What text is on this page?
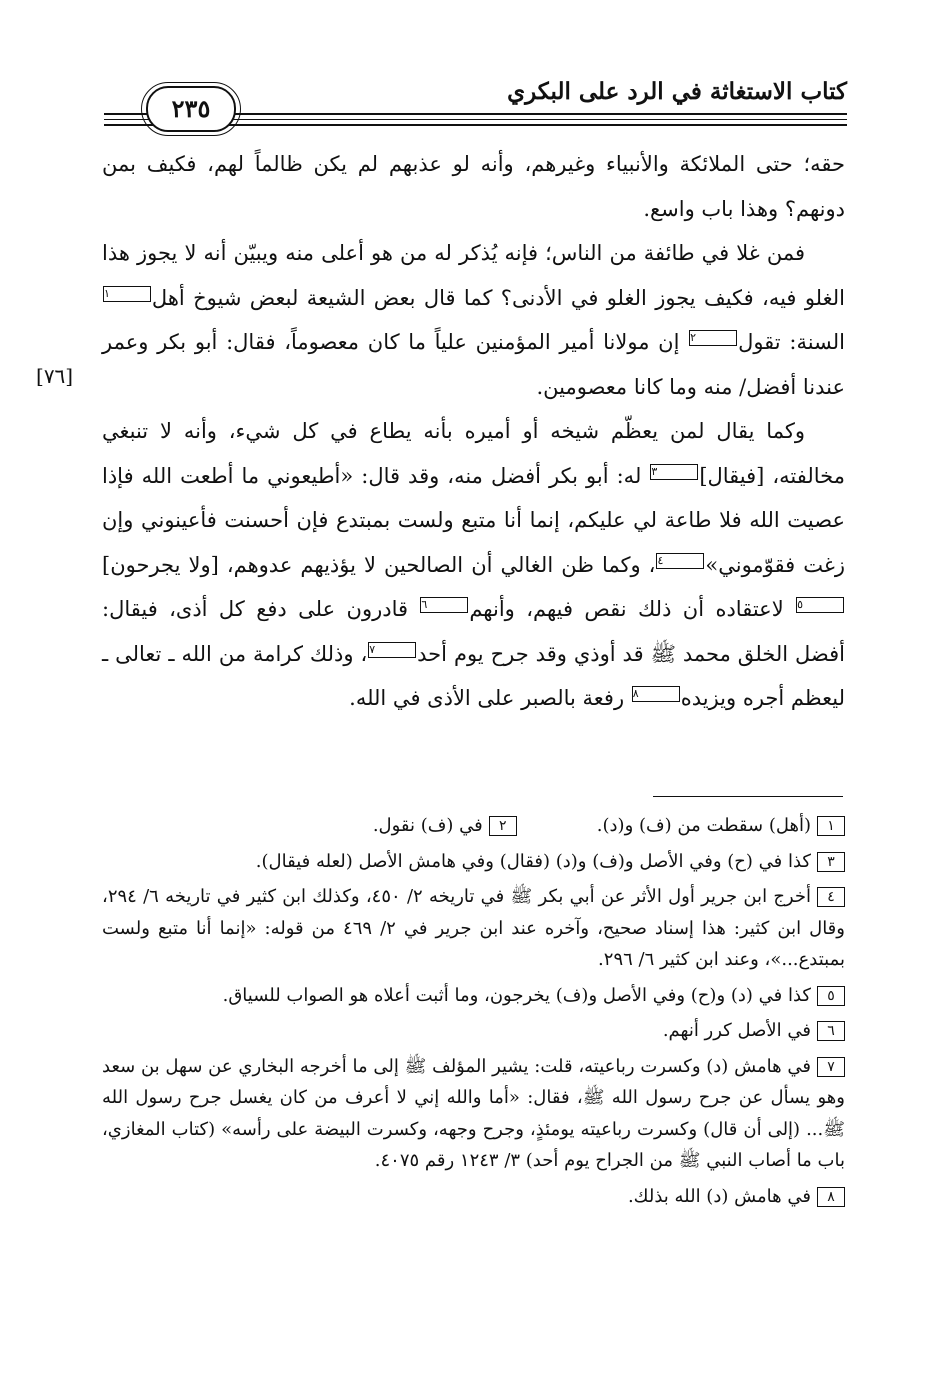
كتاب الاستغاثة في الرد على البكري
٢٣٥
[٧٦]

حقه؛ حتى الملائكة والأنبياء وغيرهم، وأنه لو عذبهم لم يكن ظالماً لهم، فكيف بمن دونهم؟ وهذا باب واسع.

فمن غلا في طائفة من الناس؛ فإنه يُذكر له من هو أعلى منه ويبيّن أنه لا يجوز هذا الغلو فيه، فكيف يجوز الغلو في الأدنى؟ كما قال بعض الشيعة لبعض شيوخ أهل١ السنة: تقول٢ إن مولانا أمير المؤمنين علياً ما كان معصوماً، فقال: أبو بكر وعمر عندنا أفضل/ منه وما كانا معصومين.

وكما يقال لمن يعظّم شيخه أو أميره بأنه يطاع في كل شيء، وأنه لا تنبغي مخالفته، [فيقال]٣ له: أبو بكر أفضل منه، وقد قال: «أطيعوني ما أطعت الله فإذا عصيت الله فلا طاعة لي عليكم، إنما أنا متبع ولست بمبتدع فإن أحسنت فأعينوني وإن زغت فقوّموني»٤، وكما ظن الغالي أن الصالحين لا يؤذيهم عدوهم، [ولا يجرحون]٥ لاعتقاده أن ذلك نقص فيهم، وأنهم٦ قادرون على دفع كل أذى، فيقال: أفضل الخلق محمد ﷺ قد أوذي وقد جرح يوم أحد٧، وذلك كرامة من الله ـ تعالى ـ ليعظم أجره ويزيده٨ رفعة بالصبر على الأذى في الله.

١(أهل) سقطت من (ف) و(د).
٢في (ف) نقول.
٣كذا في (ح) وفي الأصل و(ف) و(د) (فقال) وفي هامش الأصل (لعله فيقال).
٤أخرج ابن جرير أول الأثر عن أبي بكر ﷺ في تاريخه ٢/ ٤٥٠، وكذلك ابن كثير في تاريخه ٦/ ٢٩٤، وقال ابن كثير: هذا إسناد صحيح، وآخره عند ابن جرير في ٢/ ٤٦٩ من قوله: «إنما أنا متبع ولست بمبتدع...»، وعند ابن كثير ٦/ ٢٩٦.
٥كذا في (د) و(ح) وفي الأصل و(ف) يخرجون، وما أثبت أعلاه هو الصواب للسياق.
٦في الأصل كرر أنهم.
٧في هامش (د) وكسرت رباعيته، قلت: يشير المؤلف ﷺ إلى ما أخرجه البخاري عن سهل بن سعد وهو يسأل عن جرح رسول الله ﷺ، فقال: «أما والله إني لا أعرف من كان يغسل جرح رسول الله ﷺ... (إلى أن قال) وكسرت رباعيته يومئذٍ، وجرح وجهه، وكسرت البيضة على رأسه» (كتاب المغازي، باب ما أصاب النبي ﷺ من الجراح يوم أحد) ٣/ ١٢٤٣ رقم ٤٠٧٥.
٨في هامش (د) الله بذلك.
